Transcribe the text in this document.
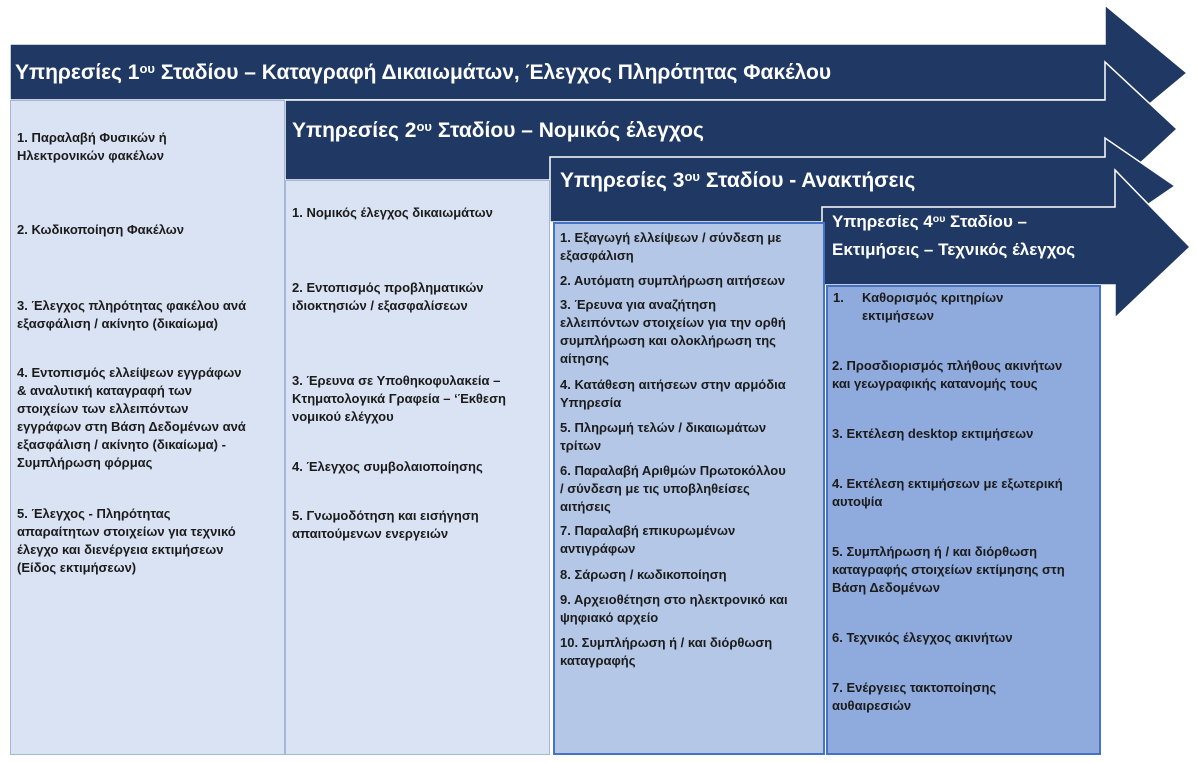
Υπηρεσίες $1^{o\upsilon}$ Σταδίου – Καταγραφή Δικαιωμάτων, Έλεγχος Πληρότητας Φακέλου
Υπηρεσίες $2^{o\upsilon}$ Σταδίου – Νομικός έλεγχος
Υπηρεσίες $3^{o\upsilon}$ Σταδίου - Ανακτήσεις
Υπηρεσίες $4^{o\upsilon}$ Σταδίου –
Εκτιμήσεις – Τεχνικός έλεγχος
1. Παραλαβή Φυσικών ή
Ηλεκτρονικών φακέλων
2. Κωδικοποίηση Φακέλων
3. Έλεγχος πληρότητας φακέλου ανά
εξασφάλιση / ακίνητο (δικαίωμα)
4. Εντοπισμός ελλείψεων εγγράφων
& αναλυτική καταγραφή των
στοιχείων των ελλειπόντων
εγγράφων στη Βάση Δεδομένων ανά
εξασφάλιση / ακίνητο (δικαίωμα) -
Συμπλήρωση φόρμας
5. Έλεγχος - Πληρότητας
απαραίτητων στοιχείων για τεχνικό
έλεγχο και διενέργεια εκτιμήσεων
(Είδος εκτιμήσεων)
1. Νομικός έλεγχος δικαιωμάτων
2. Εντοπισμός προβληματικών
ιδιοκτησιών / εξασφαλίσεων
3. Έρευνα σε Υποθηκοφυλακεία –
Κτηματολογικά Γραφεία – ‘Έκθεση
νομικού ελέγχου
4. Έλεγχος συμβολαιοποίησης
5. Γνωμοδότηση και εισήγηση
απαιτούμενων ενεργειών
1. Εξαγωγή ελλείψεων / σύνδεση με
εξασφάλιση
2. Αυτόματη συμπλήρωση αιτήσεων
3. Έρευνα για αναζήτηση
ελλειπόντων στοιχείων για την ορθή
συμπλήρωση και ολοκλήρωση της
αίτησης
4. Κατάθεση αιτήσεων στην αρμόδια
Υπηρεσία
5. Πληρωμή τελών / δικαιωμάτων
τρίτων
6. Παραλαβή Αριθμών Πρωτοκόλλου
/ σύνδεση με τις υποβληθείσες
αιτήσεις
7. Παραλαβή επικυρωμένων
αντιγράφων
8. Σάρωση / κωδικοποίηση
9. Αρχειοθέτηση στο ηλεκτρονικό και
ψηφιακό αρχείο
10. Συμπλήρωση ή / και διόρθωση
καταγραφής
1.	Καθορισμός κριτηρίων
εκτιμήσεων
2. Προσδιορισμός πλήθους ακινήτων
και γεωγραφικής κατανομής τους
3. Εκτέλεση desktop εκτιμήσεων
4. Εκτέλεση εκτιμήσεων με εξωτερική
αυτοψία
5. Συμπλήρωση ή / και διόρθωση
καταγραφής στοιχείων εκτίμησης στη
Βάση Δεδομένων
6. Τεχνικός έλεγχος ακινήτων
7. Ενέργειες τακτοποίησης
αυθαιρεσιών
